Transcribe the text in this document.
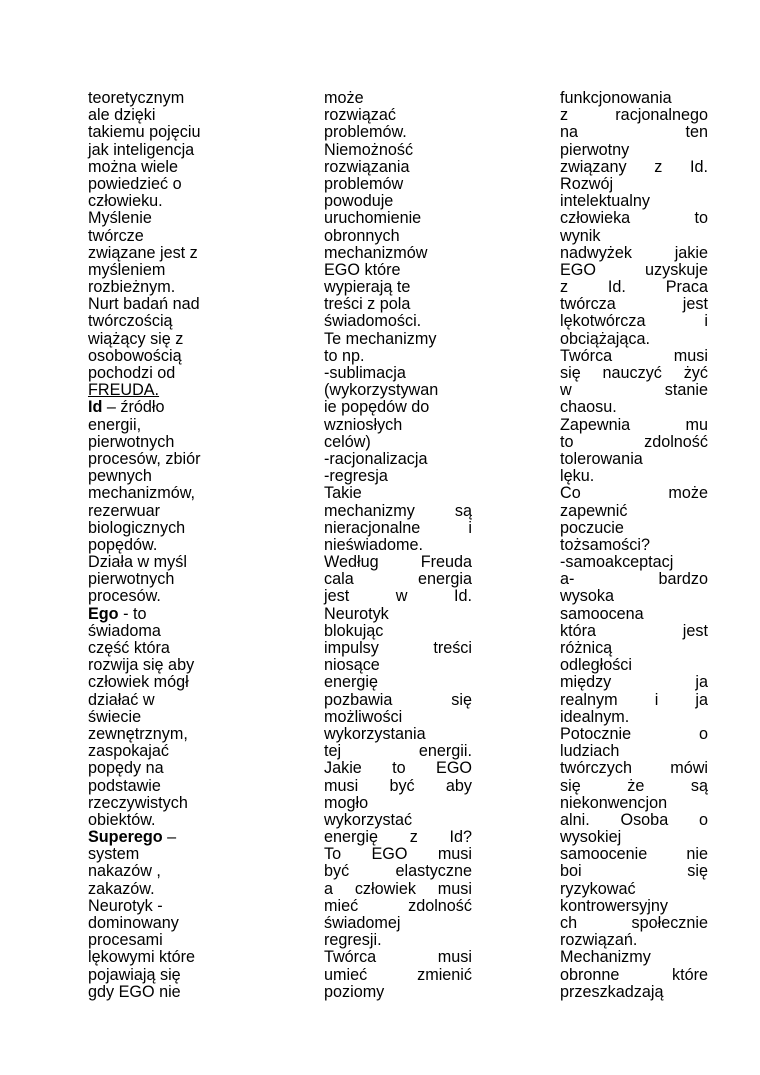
teoretycznym
ale dzięki
takiemu pojęciu
jak inteligencja
można wiele
powiedzieć o
człowieku.
Myślenie
twórcze
związane jest z
myśleniem
rozbieżnym.
Nurt badań nad
twórczością
wiążący się z
osobowością
pochodzi od
FREUDA.
Id – źródło
energii,
pierwotnych
procesów, zbiór
pewnych
mechanizmów,
rezerwuar
biologicznych
popędów.
Działa w myśl
pierwotnych
procesów.
Ego - to
świadoma
część która
rozwija się aby
człowiek mógł
działać w
świecie
zewnętrznym,
zaspokajać
popędy na
podstawie
rzeczywistych
obiektów.
Superego –
system
nakazów ,
zakazów.
Neurotyk -
dominowany
procesami
lękowymi które
pojawiają się
gdy EGO nie
może
rozwiązać
problemów.
Niemożność
rozwiązania
problemów
powoduje
uruchomienie
obronnych
mechanizmów
EGO które
wypierają te
treści z pola
świadomości.
Te mechanizmy
to np.
-sublimacja
(wykorzystywan
ie popędów do
wzniosłych
celów)
-racjonalizacja
-regresja
Takie
mechanizmy są
nieracjonalne i
nieświadome.
Według Freuda
cala energia
jest w Id.
Neurotyk
blokując
impulsy treści
niosące
energię
pozbawia się
możliwości
wykorzystania
tej energii.
Jakie to EGO
musi być aby
mogło
wykorzystać
energię z Id?
To EGO musi
być elastyczne
a człowiek musi
mieć zdolność
świadomej
regresji.
Twórca musi
umieć zmienić
poziomy
funkcjonowania
z racjonalnego
na ten
pierwotny
związany z Id.
Rozwój
intelektualny
człowieka to
wynik
nadwyżek jakie
EGO uzyskuje
z Id. Praca
twórcza jest
lękotwórcza i
obciążająca.
Twórca musi
się nauczyć żyć
w stanie
chaosu.
Zapewnia mu
to zdolność
tolerowania
lęku.
Co może
zapewnić
poczucie
tożsamości?
-samoakceptacj
a- bardzo
wysoka
samoocena
która jest
różnicą
odległości
między ja
realnym i ja
idealnym.
Potocznie o
ludziach
twórczych mówi
się że są
niekonwencjon
alni. Osoba o
wysokiej
samoocenie nie
boi się
ryzykować
kontrowersyjny
ch społecznie
rozwiązań.
Mechanizmy
obronne które
przeszkadzają
